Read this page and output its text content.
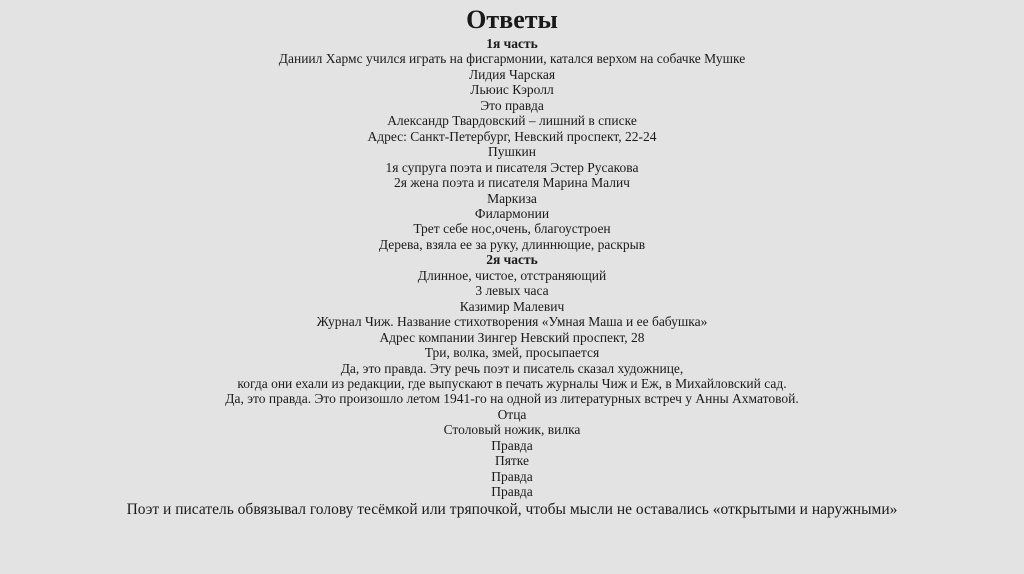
Ответы
1я часть
Даниил Хармс учился играть на фисгармонии, катался верхом на собачке Мушке
Лидия Чарская
Льюис Кэролл
Это правда
Александр Твардовский – лишний в списке
Адрес: Санкт-Петербург, Невский проспект, 22-24
Пушкин
1я супруга поэта и писателя Эстер Русакова
2я жена поэта и писателя Марина Малич
Маркиза
Филармонии
Трет себе нос,очень, благоустроен
Дерева, взяла ее за руку, длиннющие, раскрыв
2я часть
Длинное, чистое, отстраняющий
3 левых часа
Казимир Малевич
Журнал Чиж. Название стихотворения «Умная Маша и ее бабушка»
Адрес компании Зингер Невский проспект, 28
Три, волка, змей, просыпается
Да, это правда. Эту речь поэт и писатель сказал художнице,
когда они ехали из редакции, где выпускают в печать журналы Чиж и Еж, в Михайловский сад.
Да, это правда. Это произошло летом 1941-го на одной из литературных встреч у Анны Ахматовой.
Отца
Столовый ножик, вилка
Правда
Пятке
Правда
Правда
Поэт и писатель обвязывал голову тесёмкой или тряпочкой, чтобы мысли не оставались «открытыми и наружными»
